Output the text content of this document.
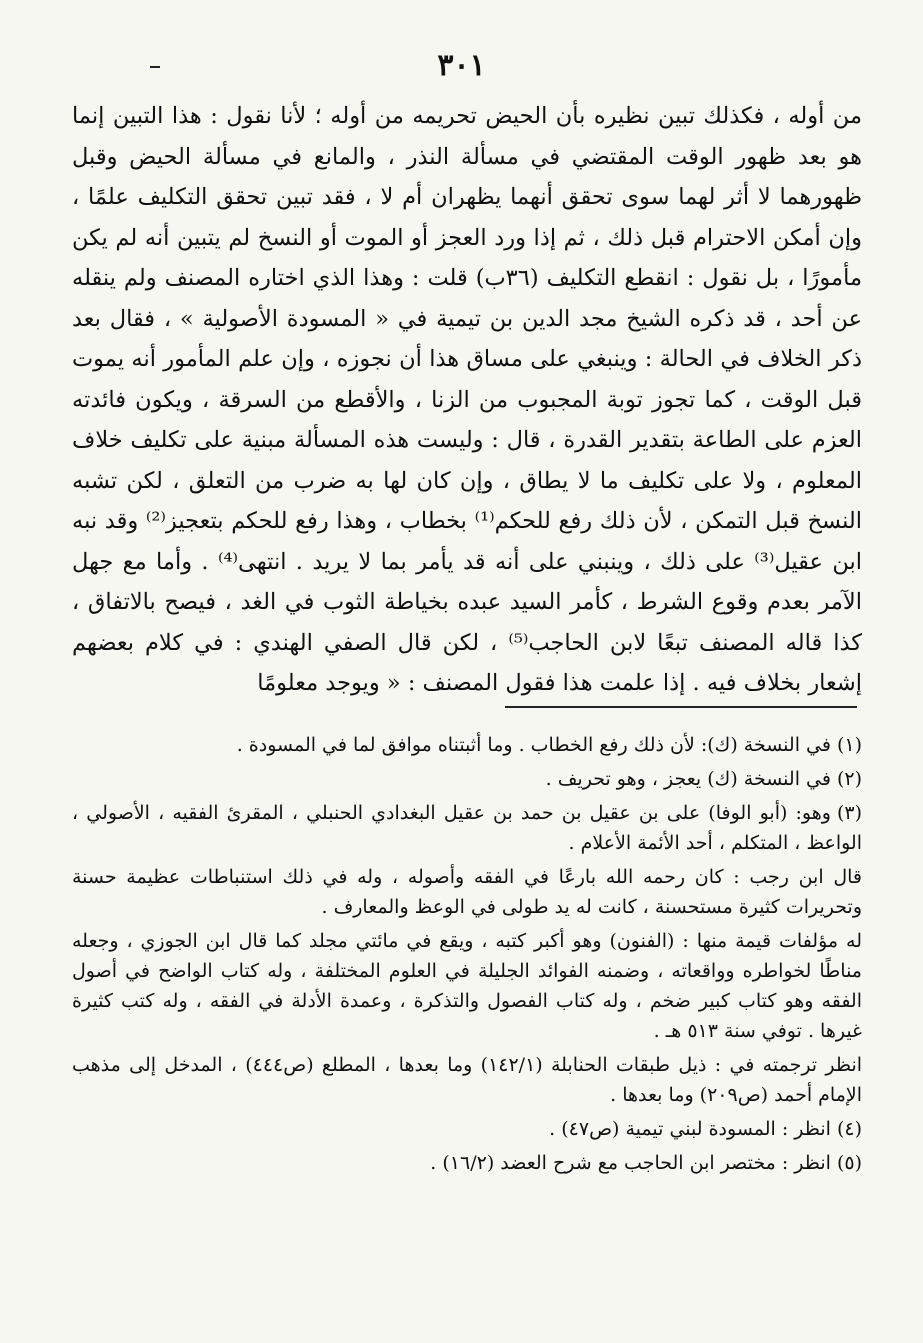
٣٠١
من أوله ، فكذلك تبين نظيره بأن الحيض تحريمه من أوله ؛ لأنا نقول : هذا التبين إنما هو بعد ظهور الوقت المقتضي في مسألة النذر ، والمانع في مسألة الحيض وقبل ظهورهما لا أثر لهما سوى تحقق أنهما يظهران أم لا ، فقد تبين تحقق التكليف علمًا ، وإن أمكن الاحترام قبل ذلك ، ثم إذا ورد العجز أو الموت أو النسخ لم يتبين أنه لم يكن مأمورًا ، بل نقول : انقطع التكليف (٣٦ب) قلت : وهذا الذي اختاره المصنف ولم ينقله عن أحد ، قد ذكره الشيخ مجد الدين بن تيمية في « المسودة الأصولية » ، فقال بعد ذكر الخلاف في الحالة : وينبغي على مساق هذا أن نجوزه ، وإن علم المأمور أنه يموت قبل الوقت ، كما تجوز توبة المجبوب من الزنا ، والأقطع من السرقة ، ويكون فائدته العزم على الطاعة بتقدير القدرة ، قال : وليست هذه المسألة مبنية على تكليف خلاف المعلوم ، ولا على تكليف ما لا يطاق ، وإن كان لها به ضرب من التعلق ، لكن تشبه النسخ قبل التمكن ، لأن ذلك رفع للحكم⁽¹⁾ بخطاب ، وهذا رفع للحكم بتعجيز⁽²⁾ وقد نبه ابن عقيل⁽³⁾ على ذلك ، وينبني على أنه قد يأمر بما لا يريد . انتهى⁽⁴⁾ . وأما مع جهل الآمر بعدم وقوع الشرط ، كأمر السيد عبده بخياطة الثوب في الغد ، فيصح بالاتفاق ، كذا قاله المصنف تبعًا لابن الحاجب⁽⁵⁾ ، لكن قال الصفي الهندي : في كلام بعضهم إشعار بخلاف فيه . إذا علمت هذا فقول المصنف : « ويوجد معلومًا
(١)في النسخة (ك): لأن ذلك رفع الخطاب . وما أثبتناه موافق لما في المسودة .
(٢)في النسخة (ك) يعجز ، وهو تحريف .
(٣)وهو: (أبو الوفا) على بن عقيل بن حمد بن عقيل البغدادي الحنبلي ، المقرئ الفقيه ، الأصولي ، الواعظ ، المتكلم ، أحد الأئمة الأعلام .
قال ابن رجب : كان رحمه الله بارعًا في الفقه وأصوله ، وله في ذلك استنباطات عظيمة حسنة وتحريرات كثيرة مستحسنة ، كانت له يد طولى في الوعظ والمعارف .
له مؤلفات قيمة منها : (الفنون) وهو أكبر كتبه ، ويقع في مائتي مجلد كما قال ابن الجوزي ، وجعله مناطًا لخواطره وواقعاته ، وضمنه الفوائد الجليلة في العلوم المختلفة ، وله كتاب الواضح في أصول الفقه وهو كتاب كبير ضخم ، وله كتاب الفصول والتذكرة ، وعمدة الأدلة في الفقه ، وله كتب كثيرة غيرها . توفي سنة ٥١٣ هـ .
انظر ترجمته في : ذيل طبقات الحنابلة (١٤٢/١) وما بعدها ، المطلع (ص٤٤٤) ، المدخل إلى مذهب الإمام أحمد (ص٢٠٩) وما بعدها .
(٤)انظر : المسودة لبني تيمية (ص٤٧) .
(٥)انظر : مختصر ابن الحاجب مع شرح العضد (١٦/٢) .
